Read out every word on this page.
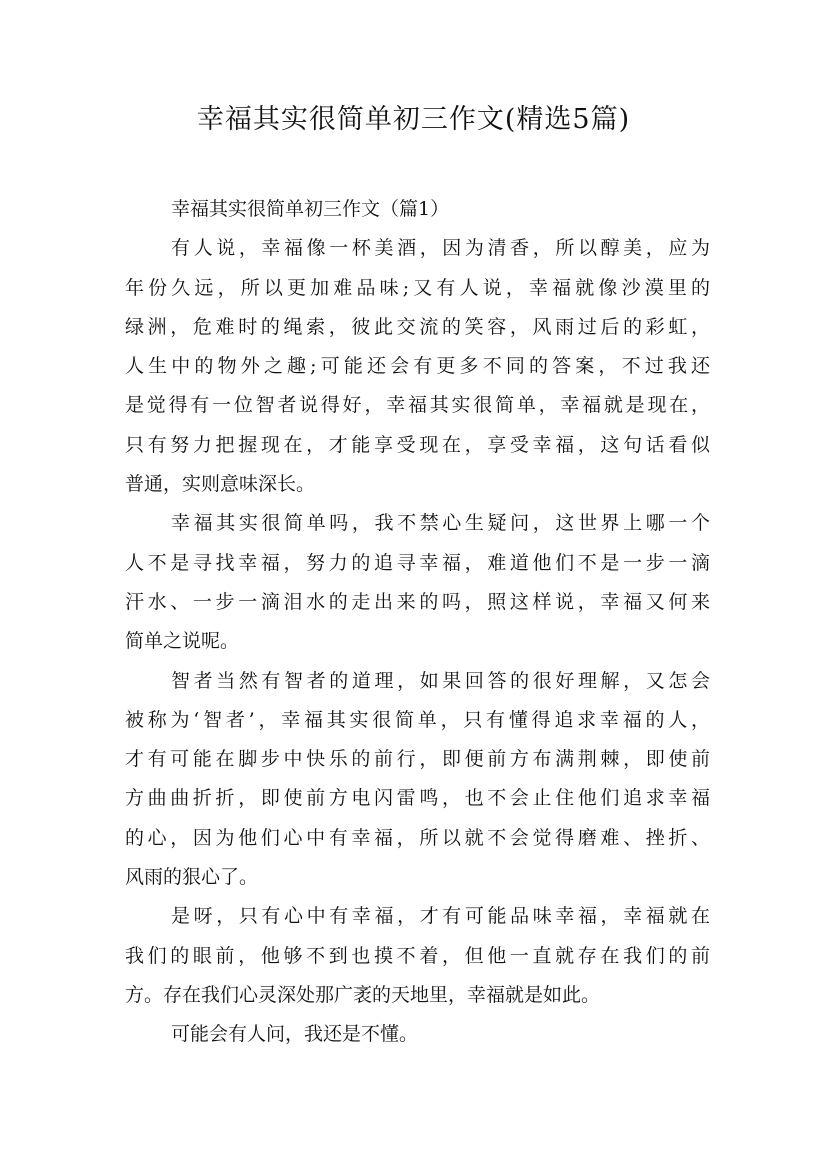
幸福其实很简单初三作文(精选5篇)
幸福其实很简单初三作文（篇1）
有人说，幸福像一杯美酒，因为清香，所以醇美，应为
年份久远，所以更加难品味;又有人说，幸福就像沙漠里的
绿洲，危难时的绳索，彼此交流的笑容，风雨过后的彩虹，
人生中的物外之趣;可能还会有更多不同的答案，不过我还
是觉得有一位智者说得好，幸福其实很简单，幸福就是现在，
只有努力把握现在，才能享受现在，享受幸福，这句话看似
普通，实则意味深长。
幸福其实很简单吗，我不禁心生疑问，这世界上哪一个
人不是寻找幸福，努力的追寻幸福，难道他们不是一步一滴
汗水、一步一滴泪水的走出来的吗，照这样说，幸福又何来
简单之说呢。
智者当然有智者的道理，如果回答的很好理解，又怎会
被称为‘智者’，幸福其实很简单，只有懂得追求幸福的人，
才有可能在脚步中快乐的前行，即便前方布满荆棘，即使前
方曲曲折折，即使前方电闪雷鸣，也不会止住他们追求幸福
的心，因为他们心中有幸福，所以就不会觉得磨难、挫折、
风雨的狠心了。
是呀，只有心中有幸福，才有可能品味幸福，幸福就在
我们的眼前，他够不到也摸不着，但他一直就存在我们的前
方。存在我们心灵深处那广袤的天地里，幸福就是如此。
可能会有人问，我还是不懂。
